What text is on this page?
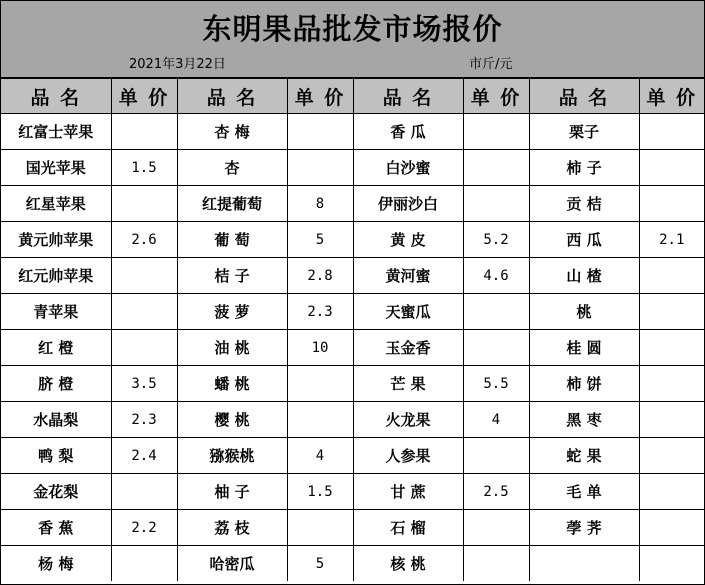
东明果品批发市场报价
2021年3月22日	市斤/元
品 名	单 价	品 名	单 价	品 名	单 价	品 名	单 价
红富士苹果		杏 梅		香 瓜		栗子	
国光苹果	1.5	杏		白沙蜜		柿 子	
红星苹果		红提葡萄	8	伊丽沙白		贡 桔	
黄元帅苹果	2.6	葡 萄	5	黄 皮	5.2	西 瓜	2.1
红元帅苹果		桔 子	2.8	黄河蜜	4.6	山 楂	
青苹果		菠 萝	2.3	天蜜瓜		桃	
红 橙		油 桃	10	玉金香		桂 圆	
脐 橙	3.5	蟠 桃		芒 果	5.5	柿 饼	
水晶梨	2.3	樱 桃		火龙果	4	黑 枣	
鸭 梨	2.4	猕猴桃	4	人参果		蛇 果	
金花梨		柚 子	1.5	甘 蔗	2.5	毛 单	
香 蕉	2.2	荔 枝		石 榴		荸 荠	
杨 梅		哈密瓜	5	核 桃			
